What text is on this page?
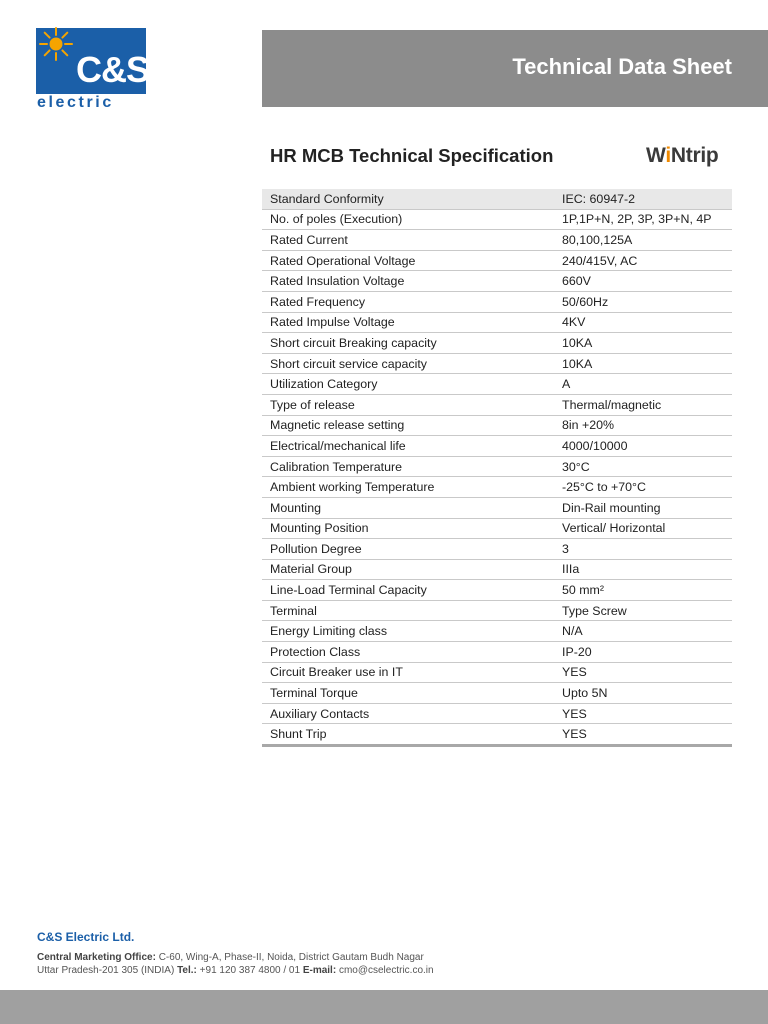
C&S
electric
Technical Data Sheet
HR MCB Technical Specification	WiNtrip
Standard Conformity	IEC: 60947-2
No. of poles (Execution)	1P,1P+N, 2P, 3P, 3P+N, 4P
Rated Current	80,100,125A
Rated Operational Voltage	240/415V, AC
Rated Insulation Voltage	660V
Rated Frequency	50/60Hz
Rated Impulse Voltage	4KV
Short circuit Breaking capacity	10KA
Short circuit service capacity	10KA
Utilization Category	A
Type of release	Thermal/magnetic
Magnetic release setting	8in +20%
Electrical/mechanical life	4000/10000
Calibration Temperature	30°C
Ambient working Temperature	-25°C to +70°C
Mounting	Din-Rail mounting
Mounting Position	Vertical/ Horizontal
Pollution Degree	3
Material Group	IIIa
Line-Load Terminal Capacity	50 mm²
Terminal	Type Screw
Energy Limiting class	N/A
Protection Class	IP-20
Circuit Breaker use in IT	YES
Terminal Torque	Upto 5N
Auxiliary Contacts	YES
Shunt Trip	YES
C&S Electric Ltd.
Central Marketing Office: C-60, Wing-A, Phase-II, Noida, District Gautam Budh Nagar
Uttar Pradesh-201 305 (INDIA) Tel.: +91 120 387 4800 / 01 E-mail: cmo@cselectric.co.in
